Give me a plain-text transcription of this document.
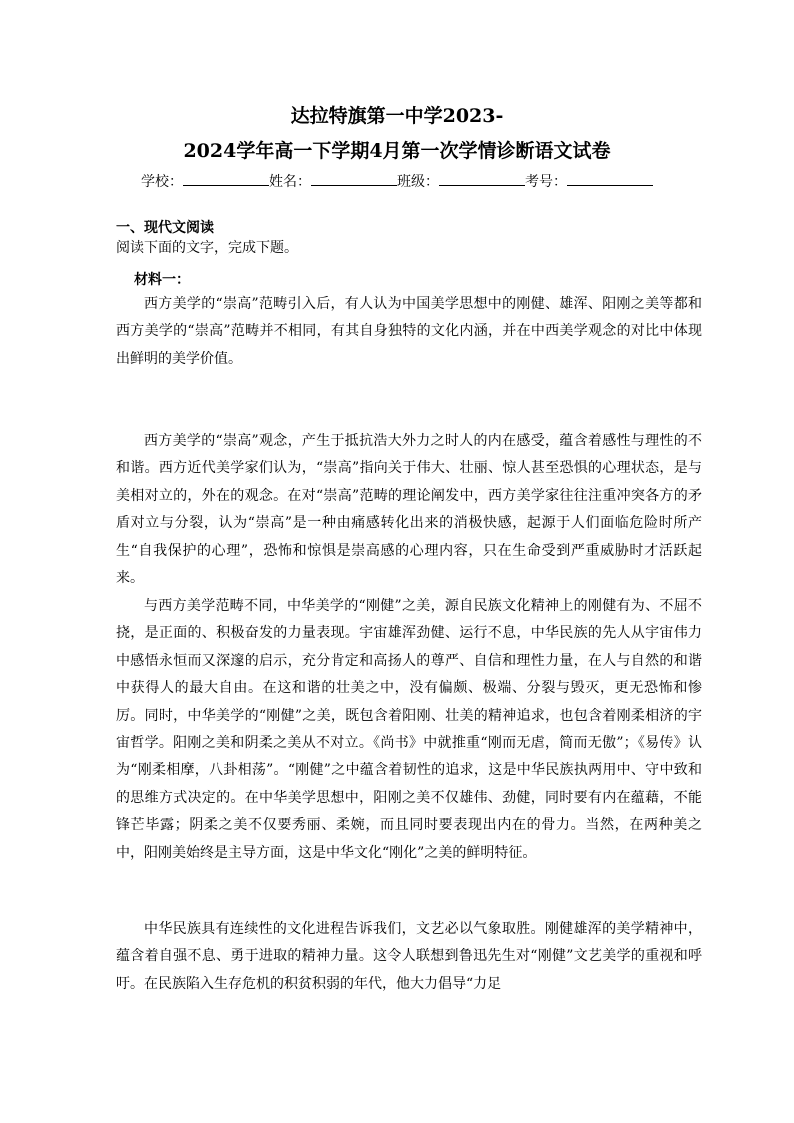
达拉特旗第一中学2023-
2024学年高一下学期4月第一次学情诊断语文试卷
学校：	姓名：	班级：	考号：
一、现代文阅读
阅读下面的文字，完成下题。
材料一：

西方美学的“崇高”范畴引入后，有人认为中国美学思想中的刚健、雄浑、阳刚之美等都和西方美学的“崇高”范畴并不相同，有其自身独特的文化内涵，并在中西美学观念的对比中体现出鲜明的美学价值。

西方美学的“崇高”观念，产生于抵抗浩大外力之时人的内在感受，蕴含着感性与理性的不和谐。西方近代美学家们认为，“崇高”指向关于伟大、壮丽、惊人甚至恐惧的心理状态，是与美相对立的，外在的观念。在对“崇高”范畴的理论阐发中，西方美学家往往注重冲突各方的矛盾对立与分裂，认为“崇高”是一种由痛感转化出来的消极快感，起源于人们面临危险时所产生“自我保护的心理”，恐怖和惊惧是崇高感的心理内容，只在生命受到严重威胁时才活跃起来。

与西方美学范畴不同，中华美学的“刚健”之美，源自民族文化精神上的刚健有为、不屈不挠，是正面的、积极奋发的力量表现。宇宙雄浑劲健、运行不息，中华民族的先人从宇宙伟力中感悟永恒而又深邃的启示，充分肯定和高扬人的尊严、自信和理性力量，在人与自然的和谐中获得人的最大自由。在这和谐的壮美之中，没有偏颇、极端、分裂与毁灭，更无恐怖和惨厉。同时，中华美学的“刚健”之美，既包含着阳刚、壮美的精神追求，也包含着刚柔相济的宇宙哲学。阳刚之美和阴柔之美从不对立。《尚书》中就推重“刚而无虐，简而无傲”；《易传》认为“刚柔相摩，八卦相荡”。“刚健”之中蕴含着韧性的追求，这是中华民族执两用中、守中致和的思维方式决定的。在中华美学思想中，阳刚之美不仅雄伟、劲健，同时要有内在蕴藉，不能锋芒毕露；阴柔之美不仅要秀丽、柔婉，而且同时要表现出内在的骨力。当然，在两种美之中，阳刚美始终是主导方面，这是中华文化“刚化”之美的鲜明特征。

中华民族具有连续性的文化进程告诉我们，文艺必以气象取胜。刚健雄浑的美学精神中，蕴含着自强不息、勇于进取的精神力量。这令人联想到鲁迅先生对“刚健”文艺美学的重视和呼吁。在民族陷入生存危机的积贫积弱的年代，他大力倡导“力足
